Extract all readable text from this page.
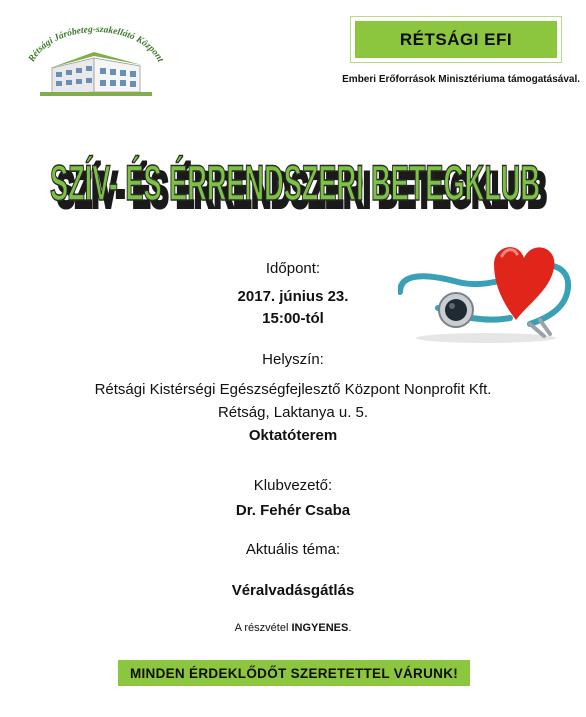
Rétsági Járóbeteg-szakellátó Központ
RÉTSÁGI EFI
Emberi Erőforrások Minisztériuma támogatásával.
SZÍV- ÉS ÉRRENDSZERI BETEGKLUB
SZÍV- ÉS ÉRRENDSZERI BETEGKLUB
Időpont:
2017. június 23.
15:00-tól
Helyszín:
Rétsági Kistérségi Egészségfejlesztő Központ Nonprofit Kft.
Rétság, Laktanya u. 5.
Oktatóterem
Klubvezető:
Dr. Fehér Csaba
Aktuális téma:
Véralvadásgátlás
A részvétel INGYENES.
MINDEN ÉRDEKLŐDŐT SZERETETTEL VÁRUNK!
